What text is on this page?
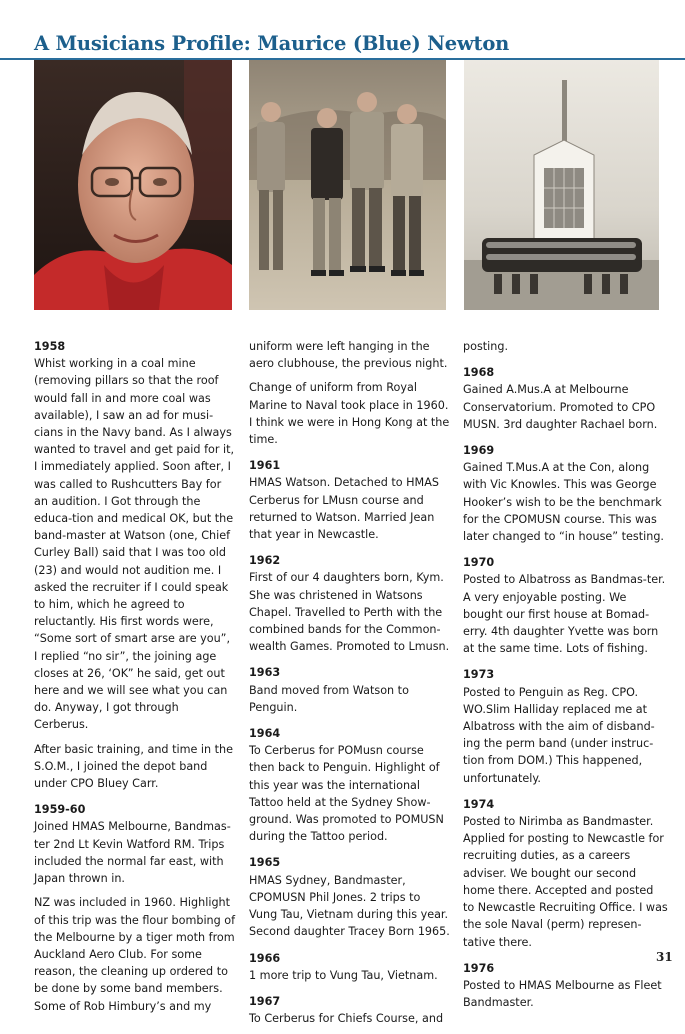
A Musicians Profile: Maurice (Blue) Newton
1958

Whist working in a coal mine (removing pillars so that the roof would fall in and more coal was available), I saw an ad for musi-cians in the Navy band. As I always wanted to travel and get paid for it, I immediately applied. Soon after, I was called to Rushcutters Bay for an audition. I Got through the educa-tion and medical OK, but the band-master at Watson (one, Chief Curley Ball) said that I was too old (23) and would not audition me. I asked the recruiter if I could speak to him, which he agreed to reluctantly. His first words were, “Some sort of smart arse are you”, I replied “no sir”, the joining age closes at 26, ‘OK” he said, get out here and we will see what you can do. Anyway, I got through Cerberus.

After basic training, and time in the S.O.M., I joined the depot band under CPO Bluey Carr.

1959-60

Joined HMAS Melbourne, Bandmas-ter 2nd Lt Kevin Watford RM. Trips included the normal far east, with Japan thrown in.

NZ was included in 1960. Highlight of this trip was the flour bombing of the Melbourne by a tiger moth from Auckland Aero Club. For some reason, the cleaning up ordered to be done by some band members. Some of Rob Himbury’s and my

uniform were left hanging in the aero clubhouse, the previous night.

Change of uniform from Royal Marine to Naval took place in 1960. I think we were in Hong Kong at the time.

1961

HMAS Watson. Detached to HMAS Cerberus for LMusn course and returned to Watson. Married Jean that year in Newcastle.

1962

First of our 4 daughters born, Kym. She was christened in Watsons Chapel. Travelled to Perth with the combined bands for the Common-wealth Games. Promoted to Lmusn.

1963

Band moved from Watson to Penguin.

1964

To Cerberus for POMusn course then back to Penguin. Highlight of this year was the international Tattoo held at the Sydney Show-ground. Was promoted to POMUSN during the Tattoo period.

1965

HMAS Sydney, Bandmaster, CPOMUSN Phil Jones. 2 trips to Vung Tau, Vietnam during this year. Second daughter Tracey Born 1965.

1966

1 more trip to Vung Tau, Vietnam.

1967

To Cerberus for Chiefs Course, and

posting.

1968

Gained A.Mus.A at Melbourne Conservatorium. Promoted to CPO MUSN. 3rd daughter Rachael born.

1969

Gained T.Mus.A at the Con, along with Vic Knowles. This was George Hooker’s wish to be the benchmark for the CPOMUSN course. This was later changed to “in house” testing.

1970

Posted to Albatross as Bandmas-ter. A very enjoyable posting. We bought our first house at Bomad-erry. 4th daughter Yvette was born at the same time. Lots of fishing.

1973

Posted to Penguin as Reg. CPO. WO.Slim Halliday replaced me at Albatross with the aim of disband-ing the perm band (under instruc-tion from DOM.) This happened, unfortunately.

1974

Posted to Nirimba as Bandmaster. Applied for posting to Newcastle for recruiting duties, as a careers adviser. We bought our second home there. Accepted and posted to Newcastle Recruiting Office. I was the sole Naval (perm) represen-tative there.

1976

Posted to HMAS Melbourne as Fleet Bandmaster.

31
